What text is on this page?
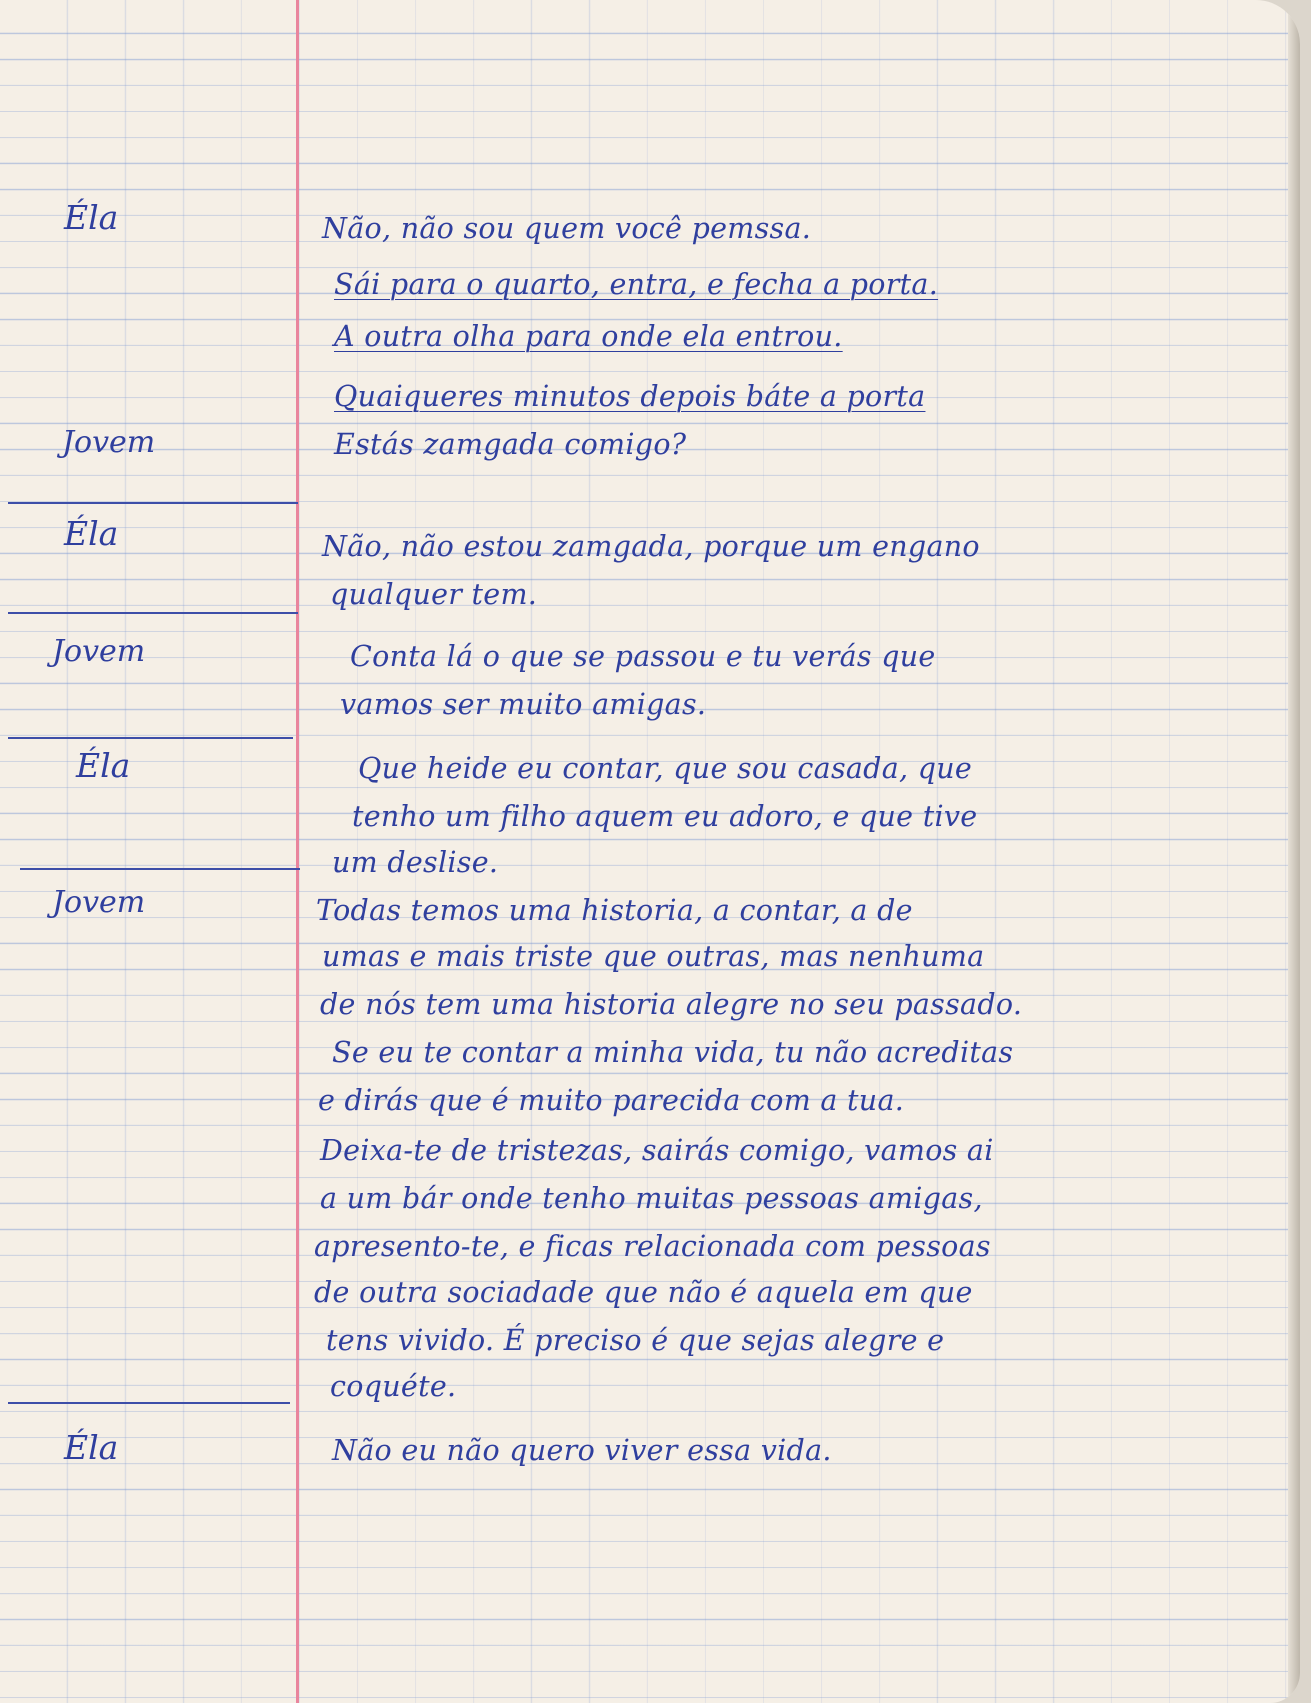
Éla
Jovem
Éla
Jovem
Éla
Jovem
Éla
Não, não sou quem você pemssa.
Sái para o quarto, entra, e fecha a porta.
A outra olha para onde ela entrou.
Quaiqueres minutos depois báte a porta
Estás zamgada comigo?
Não, não estou zamgada, porque um engano
qualquer tem.
Conta lá o que se passou e tu verás que
vamos ser muito amigas.
Que heide eu contar, que sou casada, que
tenho um filho aquem eu adoro, e que tive
um deslise.
Todas temos uma historia, a contar, a de
umas e mais triste que outras, mas nenhuma
de nós tem uma historia alegre no seu passado.
Se eu te contar a minha vida, tu não acreditas
e dirás que é muito parecida com a tua.
Deixa-te de tristezas, sairás comigo, vamos ai
a um bár onde tenho muitas pessoas amigas,
apresento-te, e ficas relacionada com pessoas
de outra sociadade que não é aquela em que
tens vivido. É preciso é que sejas alegre e
coquéte.
Não eu não quero viver essa vida.
